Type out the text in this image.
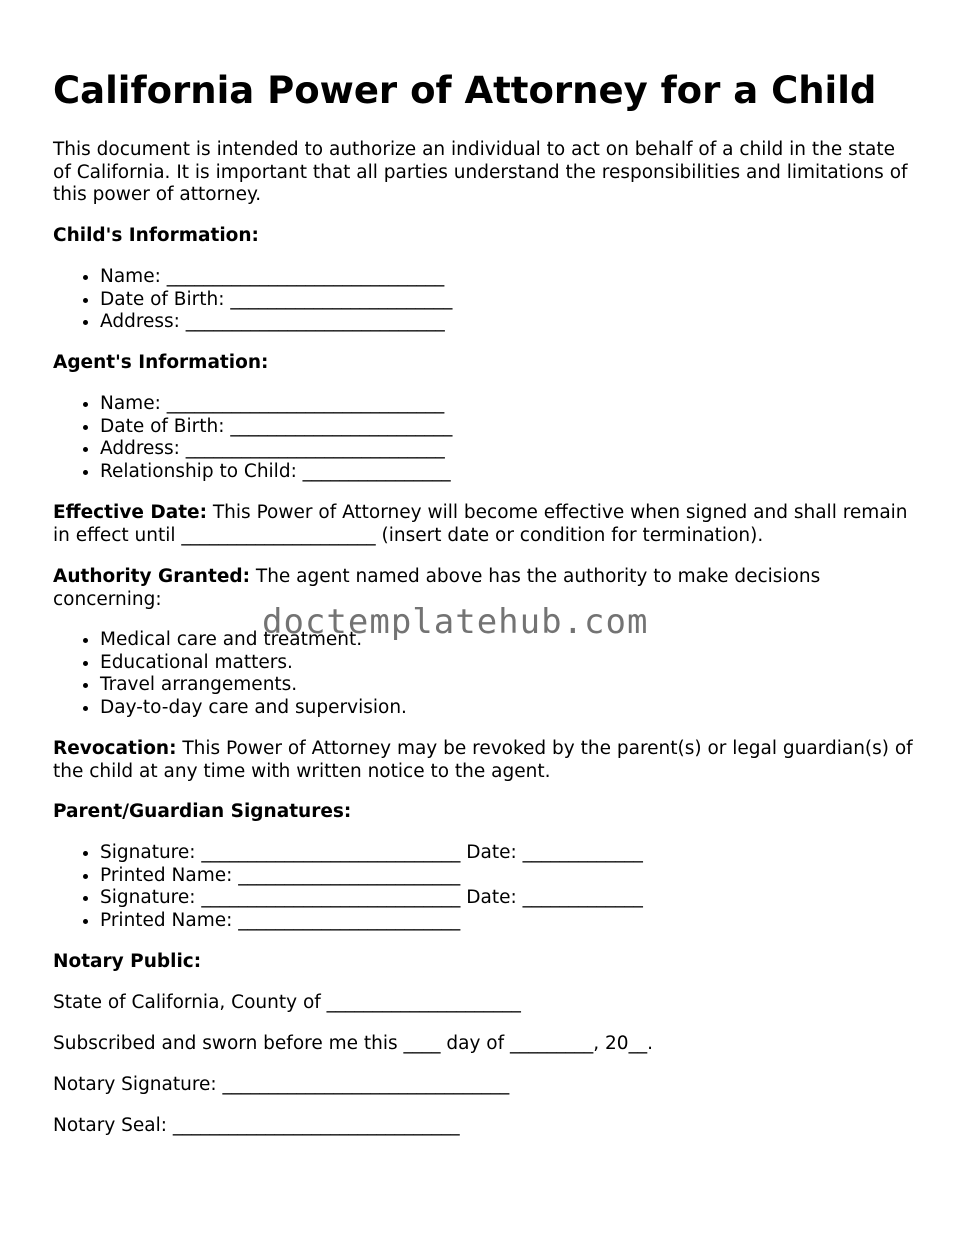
California Power of Attorney for a Child

This document is intended to authorize an individual to act on behalf of a child in the state of California. It is important that all parties understand the responsibilities and limitations of this power of attorney.

Child's Information:

• Name: ______________________________
• Date of Birth: ________________________
• Address: ____________________________

Agent's Information:

• Name: ______________________________
• Date of Birth: ________________________
• Address: ____________________________
• Relationship to Child: ________________

Effective Date: This Power of Attorney will become effective when signed and shall remain in effect until _____________________ (insert date or condition for termination).

Authority Granted: The agent named above has the authority to make decisions concerning:

• Medical care and treatment.
• Educational matters.
• Travel arrangements.
• Day-to-day care and supervision.

Revocation: This Power of Attorney may be revoked by the parent(s) or legal guardian(s) of the child at any time with written notice to the agent.

Parent/Guardian Signatures:

• Signature: ____________________________ Date: _____________
• Printed Name: ________________________
• Signature: ____________________________ Date: _____________
• Printed Name: ________________________

Notary Public:

State of California, County of _____________________

Subscribed and sworn before me this ____ day of _________, 20__.

Notary Signature: _______________________________

Notary Seal: _______________________________

doctemplatehub.com
